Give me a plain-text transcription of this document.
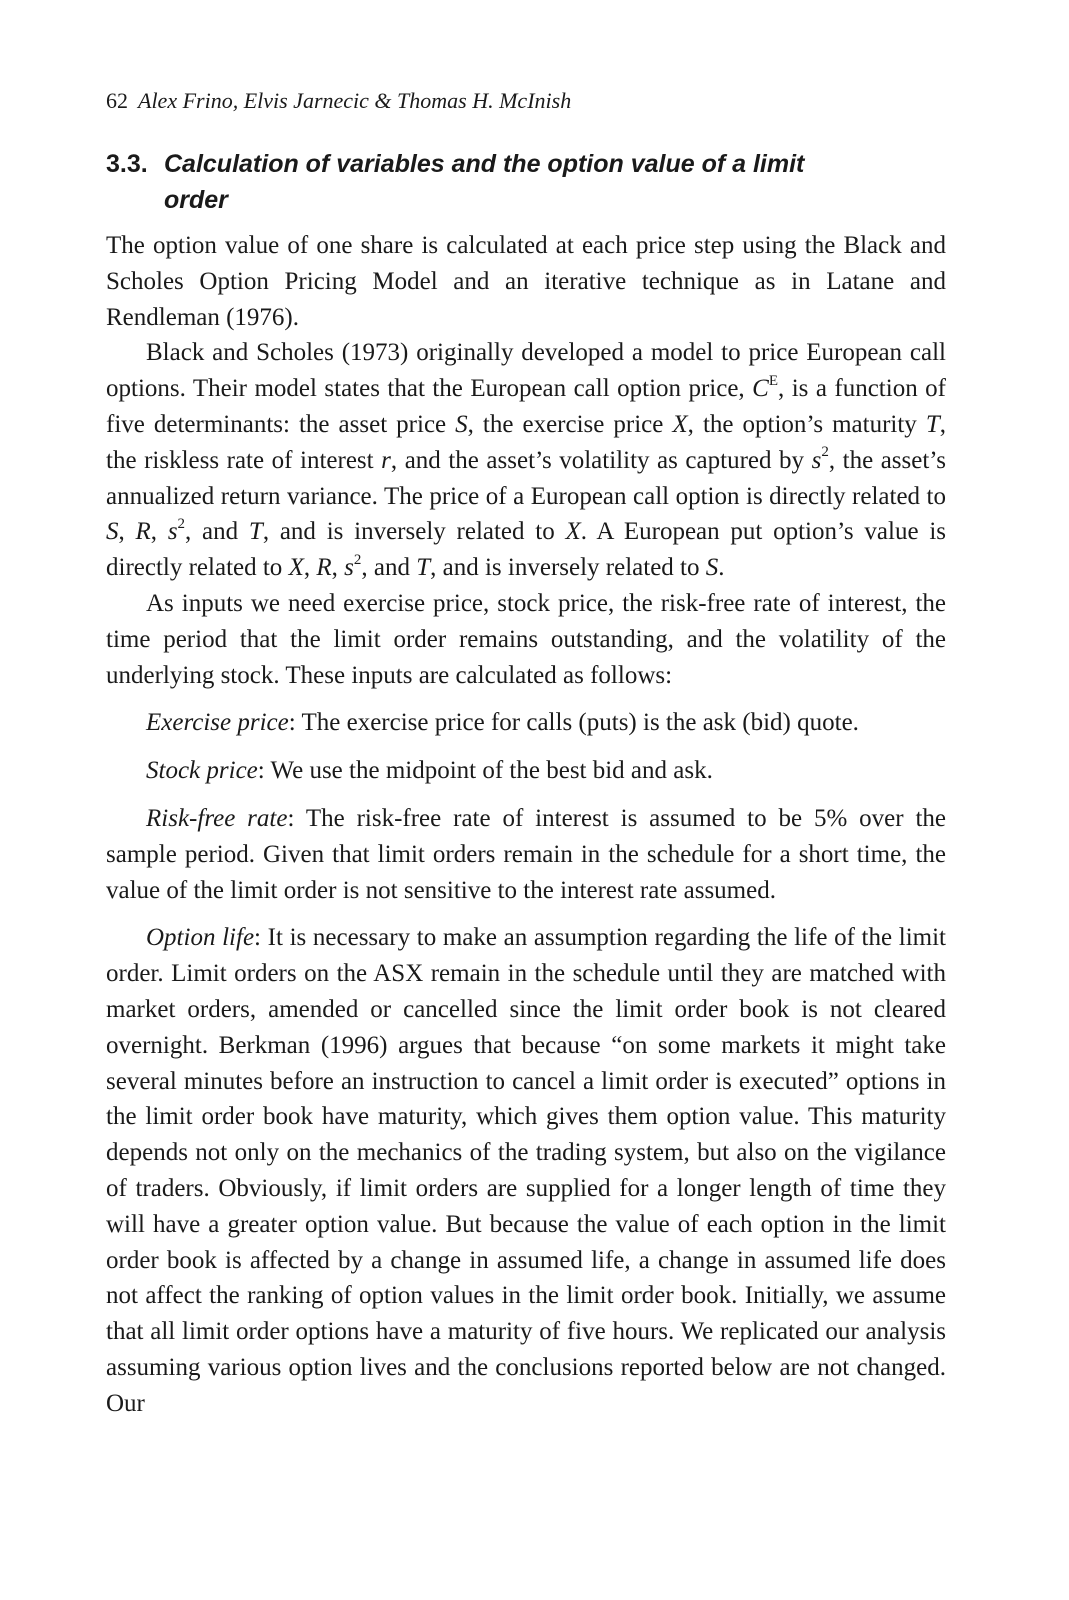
62 Alex Frino, Elvis Jarnecic & Thomas H. McInish
3.3. Calculation of variables and the option value of a limit order

The option value of one share is calculated at each price step using the Black and Scholes Option Pricing Model and an iterative technique as in Latane and Rendleman (1976).

Black and Scholes (1973) originally developed a model to price European call options. Their model states that the European call option price, $C^E$, is a function of five determinants: the asset price S, the exercise price X, the option’s maturity T, the riskless rate of interest r, and the asset’s volatility as captured by $s^2$, the asset’s annualized return variance. The price of a European call option is directly related to S, R, $s^2$, and T, and is inversely related to X. A European put option’s value is directly related to X, R, $s^2$, and T, and is inversely related to S.

As inputs we need exercise price, stock price, the risk-free rate of interest, the time period that the limit order remains outstanding, and the volatility of the underlying stock. These inputs are calculated as follows:

Exercise price: The exercise price for calls (puts) is the ask (bid) quote.

Stock price: We use the midpoint of the best bid and ask.

Risk-free rate: The risk-free rate of interest is assumed to be 5% over the sample period. Given that limit orders remain in the schedule for a short time, the value of the limit order is not sensitive to the interest rate assumed.

Option life: It is necessary to make an assumption regarding the life of the limit order. Limit orders on the ASX remain in the schedule until they are matched with market orders, amended or cancelled since the limit order book is not cleared overnight. Berkman (1996) argues that because “on some markets it might take several minutes before an instruction to cancel a limit order is executed” options in the limit order book have maturity, which gives them option value. This maturity depends not only on the mechanics of the trading system, but also on the vigilance of traders. Obviously, if limit orders are supplied for a longer length of time they will have a greater option value. But because the value of each option in the limit order book is affected by a change in assumed life, a change in assumed life does not affect the ranking of option values in the limit order book. Initially, we assume that all limit order options have a maturity of five hours. We replicated our analysis assuming various option lives and the conclusions reported below are not changed. Our
